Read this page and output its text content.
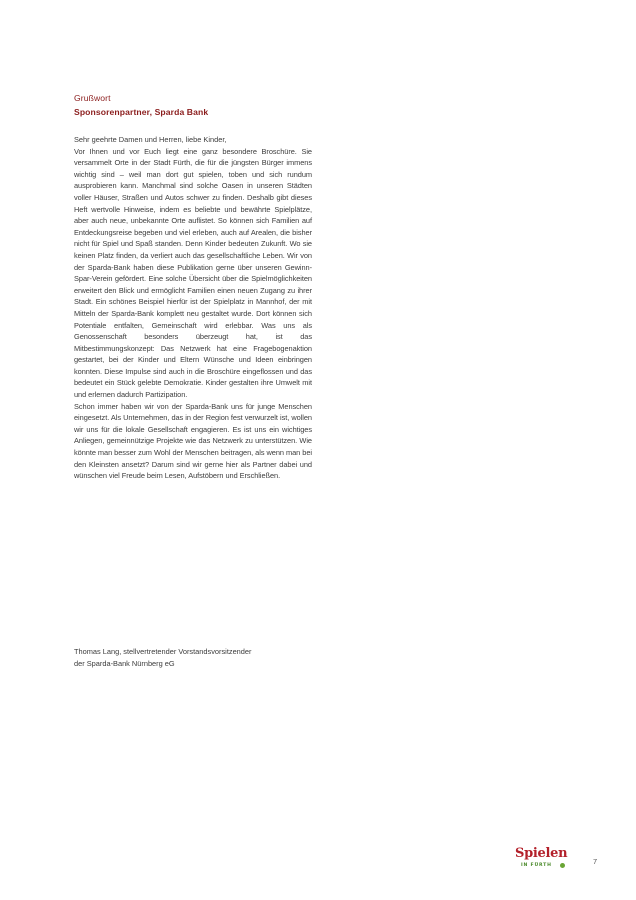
Grußwort
Sponsorenpartner, Sparda Bank

Sehr geehrte Damen und Herren, liebe Kinder,

Vor Ihnen und vor Euch liegt eine ganz besondere Broschüre. Sie versammelt Orte in der Stadt Fürth, die für die jüngsten Bürger immens wichtig sind – weil man dort gut spielen, toben und sich rundum ausprobieren kann. Manchmal sind solche Oasen in unseren Städten voller Häuser, Straßen und Autos schwer zu finden. Deshalb gibt dieses Heft wertvolle Hinweise, indem es beliebte und bewährte Spielplätze, aber auch neue, unbekannte Orte auflistet. So können sich Familien auf Entdeckungsreise begeben und viel erleben, auch auf Arealen, die bisher nicht für Spiel und Spaß standen. Denn Kinder bedeuten Zukunft. Wo sie keinen Platz finden, da verliert auch das gesellschaftliche Leben. Wir von der Sparda-Bank haben diese Publikation gerne über unseren Gewinn-Spar-Verein gefördert. Eine solche Übersicht über die Spielmöglichkeiten erweitert den Blick und ermöglicht Familien einen neuen Zugang zu ihrer Stadt. Ein schönes Beispiel hierfür ist der Spielplatz in Mannhof, der mit Mitteln der Sparda-Bank komplett neu gestaltet wurde. Dort können sich Potentiale entfalten, Gemeinschaft wird erlebbar. Was uns als Genossenschaft besonders überzeugt hat, ist das Mitbestimmungskonzept: Das Netzwerk hat eine Fragebogenaktion gestartet, bei der Kinder und Eltern Wünsche und Ideen einbringen konnten. Diese Impulse sind auch in die Broschüre eingeflossen und das bedeutet ein Stück gelebte Demokratie. Kinder gestalten ihre Umwelt mit und erlernen dadurch Partizipation.

Schon immer haben wir von der Sparda-Bank uns für junge Menschen eingesetzt. Als Unternehmen, das in der Region fest verwurzelt ist, wollen wir uns für die lokale Gesellschaft engagieren. Es ist uns ein wichtiges Anliegen, gemeinnützige Projekte wie das Netzwerk zu unterstützen. Wie könnte man besser zum Wohl der Menschen beitragen, als wenn man bei den Kleinsten ansetzt? Darum sind wir gerne hier als Partner dabei und wünschen viel Freude beim Lesen, Aufstöbern und Erschließen.

Thomas Lang, stellvertretender Vorstandsvorsitzender
der Sparda-Bank Nürnberg eG
Spielen
IN FÜRTH	7
